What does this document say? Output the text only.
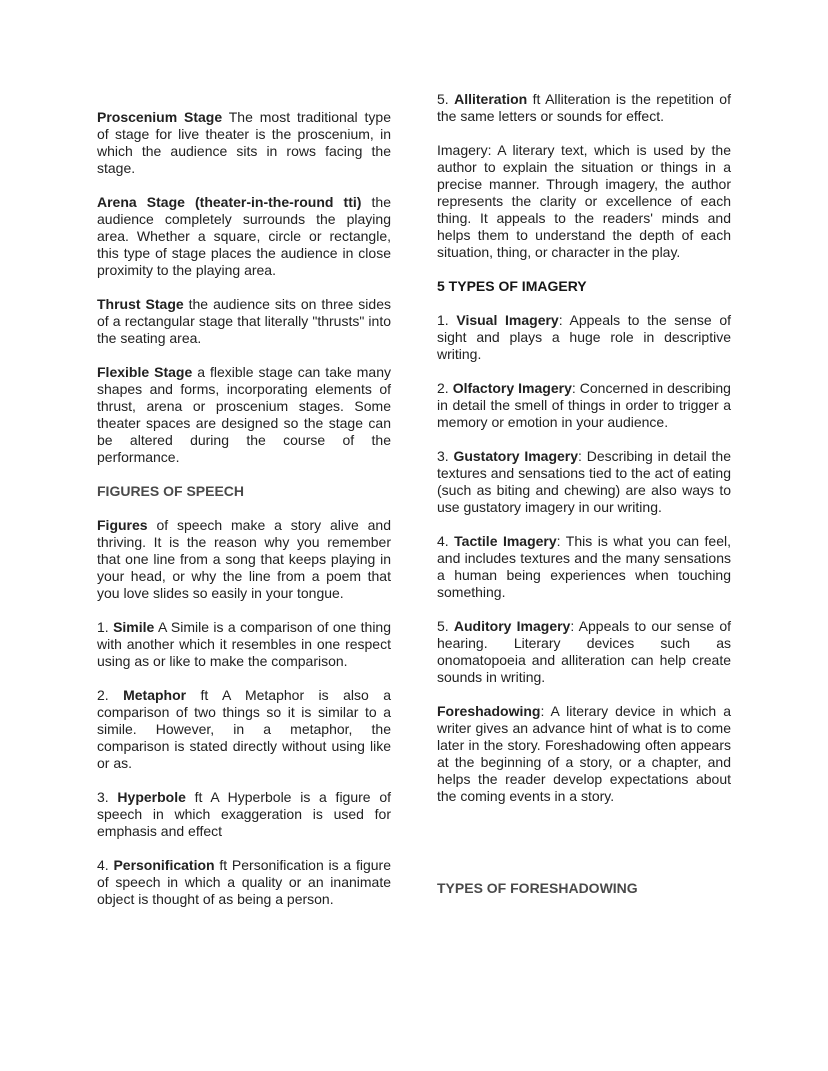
Proscenium Stage The most traditional type of stage for live theater is the proscenium, in which the audience sits in rows facing the stage.

Arena Stage (theater-in-the-round tti) the audience completely surrounds the playing area. Whether a square, circle or rectangle, this type of stage places the audience in close proximity to the playing area.

Thrust Stage the audience sits on three sides of a rectangular stage that literally "thrusts" into the seating area.

Flexible Stage a flexible stage can take many shapes and forms, incorporating elements of thrust, arena or proscenium stages. Some theater spaces are designed so the stage can be altered during the course of the performance.

FIGURES OF SPEECH

Figures of speech make a story alive and thriving. It is the reason why you remember that one line from a song that keeps playing in your head, or why the line from a poem that you love slides so easily in your tongue.

1. Simile A Simile is a comparison of one thing with another which it resembles in one respect using as or like to make the comparison.

2. Metaphor ft A Metaphor is also a comparison of two things so it is similar to a simile. However, in a metaphor, the comparison is stated directly without using like or as.

3. Hyperbole ft A Hyperbole is a figure of speech in which exaggeration is used for emphasis and effect

4. Personification ft Personification is a figure of speech in which a quality or an inanimate object is thought of as being a person.

5. Alliteration ft Alliteration is the repetition of the same letters or sounds for effect.

Imagery: A literary text, which is used by the author to explain the situation or things in a precise manner. Through imagery, the author represents the clarity or excellence of each thing. It appeals to the readers' minds and helps them to understand the depth of each situation, thing, or character in the play.

5 TYPES OF IMAGERY

1. Visual Imagery: Appeals to the sense of sight and plays a huge role in descriptive writing.

2. Olfactory Imagery: Concerned in describing in detail the smell of things in order to trigger a memory or emotion in your audience.

3. Gustatory Imagery: Describing in detail the textures and sensations tied to the act of eating (such as biting and chewing) are also ways to use gustatory imagery in our writing.

4. Tactile Imagery: This is what you can feel, and includes textures and the many sensations a human being experiences when touching something.

5. Auditory Imagery: Appeals to our sense of hearing. Literary devices such as onomatopoeia and alliteration can help create sounds in writing.

Foreshadowing: A literary device in which a writer gives an advance hint of what is to come later in the story. Foreshadowing often appears at the beginning of a story, or a chapter, and helps the reader develop expectations about the coming events in a story.

TYPES OF FORESHADOWING
